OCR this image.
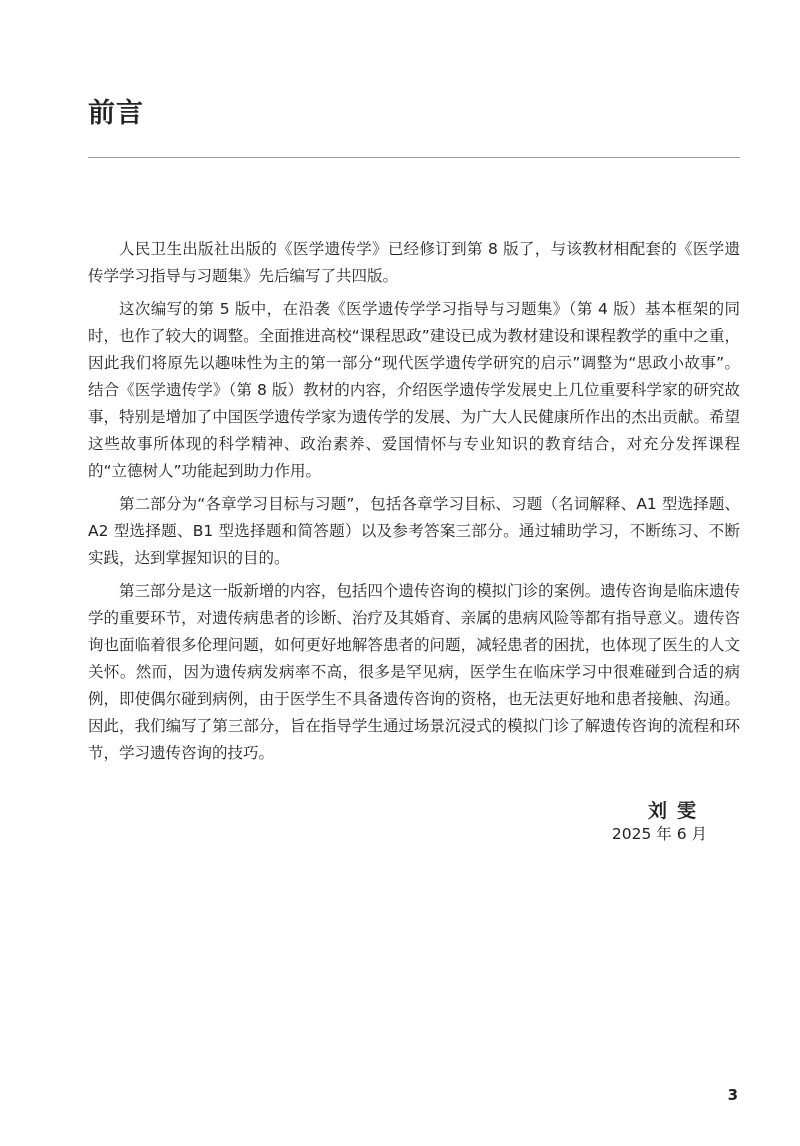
前言

人民卫生出版社出版的《医学遗传学》已经修订到第 8 版了，与该教材相配套的《医学遗传学学习指导与习题集》先后编写了共四版。

这次编写的第 5 版中，在沿袭《医学遗传学学习指导与习题集》（第 4 版）基本框架的同时，也作了较大的调整。全面推进高校“课程思政”建设已成为教材建设和课程教学的重中之重，因此我们将原先以趣味性为主的第一部分“现代医学遗传学研究的启示”调整为“思政小故事”。结合《医学遗传学》（第 8 版）教材的内容，介绍医学遗传学发展史上几位重要科学家的研究故事，特别是增加了中国医学遗传学家为遗传学的发展、为广大人民健康所作出的杰出贡献。希望这些故事所体现的科学精神、政治素养、爱国情怀与专业知识的教育结合，对充分发挥课程的“立德树人”功能起到助力作用。

第二部分为“各章学习目标与习题”，包括各章学习目标、习题（名词解释、A1 型选择题、A2 型选择题、B1 型选择题和简答题）以及参考答案三部分。通过辅助学习，不断练习、不断实践，达到掌握知识的目的。

第三部分是这一版新增的内容，包括四个遗传咨询的模拟门诊的案例。遗传咨询是临床遗传学的重要环节，对遗传病患者的诊断、治疗及其婚育、亲属的患病风险等都有指导意义。遗传咨询也面临着很多伦理问题，如何更好地解答患者的问题，减轻患者的困扰，也体现了医生的人文关怀。然而，因为遗传病发病率不高，很多是罕见病，医学生在临床学习中很难碰到合适的病例，即使偶尔碰到病例，由于医学生不具备遗传咨询的资格，也无法更好地和患者接触、沟通。因此，我们编写了第三部分，旨在指导学生通过场景沉浸式的模拟门诊了解遗传咨询的流程和环节，学习遗传咨询的技巧。

刘雯

2025 年 6 月

3
